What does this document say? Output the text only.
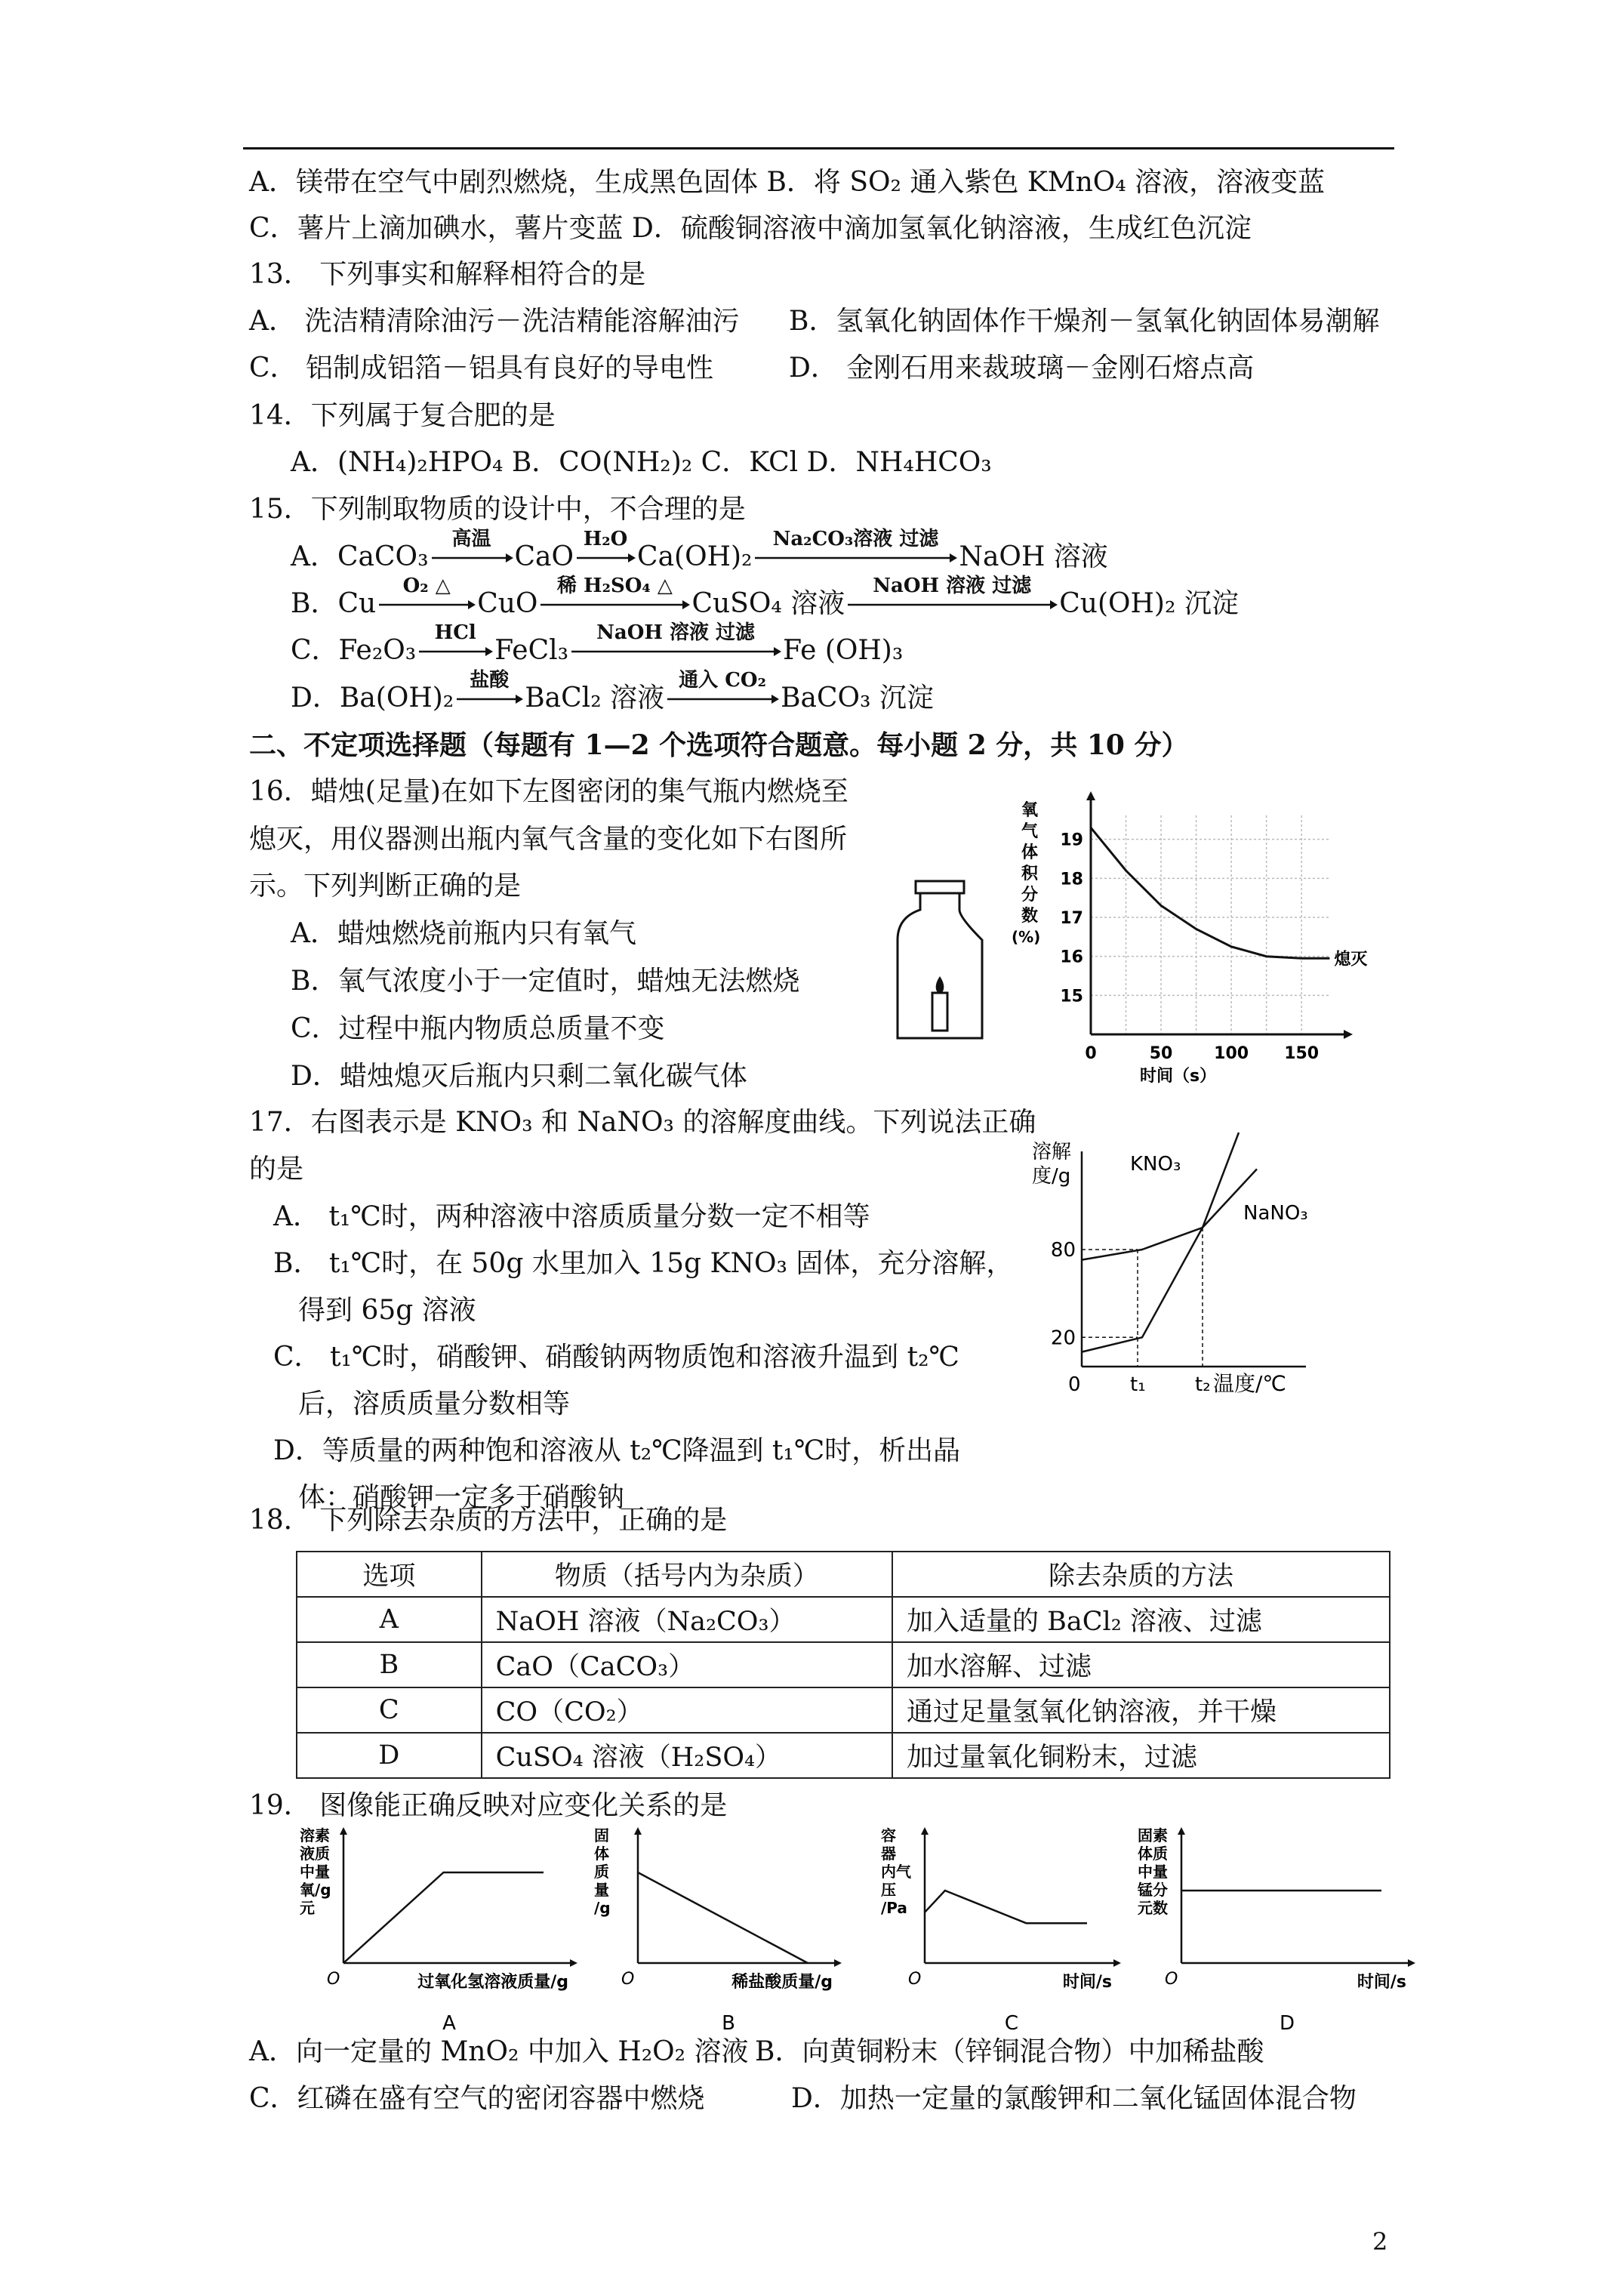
A．镁带在空气中剧烈燃烧，生成黑色固体 B．将 SO₂ 通入紫色 KMnO₄ 溶液，溶液变蓝
C．薯片上滴加碘水，薯片变蓝 D．硫酸铜溶液中滴加氢氧化钠溶液，生成红色沉淀
13． 下列事实和解释相符合的是
A． 洗洁精清除油污－洗洁精能溶解油污 B．氢氧化钠固体作干燥剂－氢氧化钠固体易潮解
C． 铝制成铝箔－铝具有良好的导电性	D． 金刚石用来裁玻璃－金刚石熔点高
14．下列属于复合肥的是
A．(NH₄)₂HPO₄ B．CO(NH₂)₂ C．KCl D．NH₄HCO₃
15．下列制取物质的设计中，不合理的是
A．CaCO₃
高温
CaO
H₂O
Ca(OH)₂
Na₂CO₃溶液 过滤
NaOH 溶液
B．Cu
O₂ △
CuO
稀 H₂SO₄ △
CuSO₄ 溶液
NaOH 溶液 过滤
Cu(OH)₂ 沉淀
C．Fe₂O₃
HCl
FeCl₃
NaOH 溶液 过滤
Fe (OH)₃
D．Ba(OH)₂
盐酸
BaCl₂ 溶液
通入 CO₂
BaCO₃ 沉淀
二、不定项选择题（每题有 1—2 个选项符合题意。每小题 2 分，共 10 分）
16．蜡烛(足量)在如下左图密闭的集气瓶内燃烧至
熄灭，用仪器测出瓶内氧气含量的变化如下右图所
示。下列判断正确的是
A．蜡烛燃烧前瓶内只有氧气
B．氧气浓度小于一定值时，蜡烛无法燃烧
C．过程中瓶内物质总质量不变
D．蜡烛熄灭后瓶内只剩二氧化碳气体
氧
气
体
积
分
数
(%)
15
16
17
18
19
0	50 100 150
熄灭
时间（s）
17．右图表示是 KNO₃ 和 NaNO₃ 的溶解度曲线。下列说法正确
的是
A． t₁℃时，两种溶液中溶质质量分数一定不相等
B． t₁℃时，在 50g 水里加入 15g KNO₃ 固体，充分溶解，
得到 65g 溶液
C． t₁℃时，硝酸钾、硝酸钠两物质饱和溶液升温到 t₂℃
后，溶质质量分数相等
D．等质量的两种饱和溶液从 t₂℃降温到 t₁℃时，析出晶
体：硝酸钾一定多于硝酸钠
溶解
度/g
0	t₁	t₂
20
80
KNO₃
NaNO₃
温度/℃
18． 下列除去杂质的方法中，正确的是
选项	物质（括号内为杂质）	除去杂质的方法
A	NaOH 溶液（Na₂CO₃）	加入适量的 BaCl₂ 溶液、过滤
B	CaO（CaCO₃）	加水溶解、过滤
C	CO（CO₂）	通过足量氢氧化钠溶液，并干燥
D	CuSO₄ 溶液（H₂SO₄）	加过量氧化铜粉末，过滤
19． 图像能正确反映对应变化关系的是
O
溶素
液质
中量
氧/g
元
过氧化氢溶液质量/g
A
O
固
体
质
量
/g
稀盐酸质量/g
B
O
容
器
内气
压
/Pa
时间/s
C
O
固素
体质
中量
锰分
元数
时间/s
D
A．向一定量的 MnO₂ 中加入 H₂O₂ 溶液 B．向黄铜粉末（锌铜混合物）中加稀盐酸
C．红磷在盛有空气的密闭容器中燃烧	D．加热一定量的氯酸钾和二氧化锰固体混合物
2
